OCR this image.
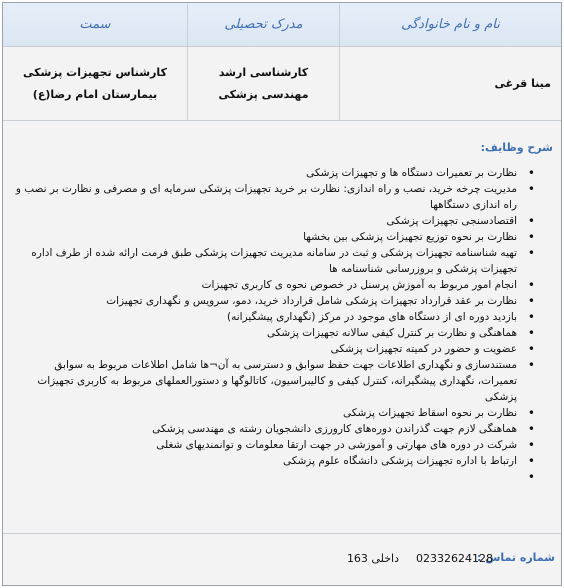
نام و نام خانوادگی
مدرک تحصیلی
سمت
مینا قرغی
کارشناسی ارشد
مهندسی پزشکی
کارشناس تجهیزات پزشکی بیمارستان امام رضا(ع)
شرح وظایف:
• نظارت بر تعمیرات دستگاه ها و تجهیزات پزشکی
• مدیریت چرخه خرید، نصب و راه اندازی: نظارت بر خرید تجهیزات پزشکی سرمایه ای و مصرفی و نظارت بر نصب و راه اندازی دستگاهها
• اقتصادسنجی تجهیزات پزشکی
• نظارت بر نحوه توزیع تجهیزات پزشکی بین بخشها
• تهیه شناسنامه تجهیزات پزشکی و ثبت در سامانه مدیریت تجهیزات پزشکی طبق فرمت ارائه شده از طرف اداره تجهیزات پزشکی و بروزرسانی شناسنامه ها
• انجام امور مربوط به آموزش پرسنل در خصوص نحوه ی کاربری تجهیزات
• نظارت بر عقد قرارداد تجهیزات پزشکی شامل قرارداد خرید، دمو، سرویس و نگهداری تجهیزات
• بازدید دوره ای از دستگاه های موجود در مرکز (نگهداری پیشگیرانه)
• هماهنگی و نظارت بر کنترل کیفی سالانه تجهیزات پزشکی
• عضویت و حضور در کمیته تجهیزات پزشکی
• مستندسازی و نگهداری اطلاعات جهت حفظ سوابق و دسترسی به آن¬ها شامل اطلاعات مربوط به سوابق تعمیرات، نگهداری پیشگیرانه، کنترل کیفی و کالیبراسیون، کاتالوگها و دستورالعملهای مربوط به کاربری تجهیزات پزشکی
• نظارت بر نحوه اسقاط تجهیزات پزشکی
• هماهنگی لازم جهت گذراندن دوره‌های کارورزی دانشجویان رشته ی مهندسی پزشکی
• شرکت در دوره های مهارتی و آموزشی در جهت ارتقا معلومات و توانمندیهای شغلی
• ارتباط با اداره تجهیزات پزشکی دانشگاه علوم پزشکی
•
شماره تماس :
02332624128
داخلی 163
